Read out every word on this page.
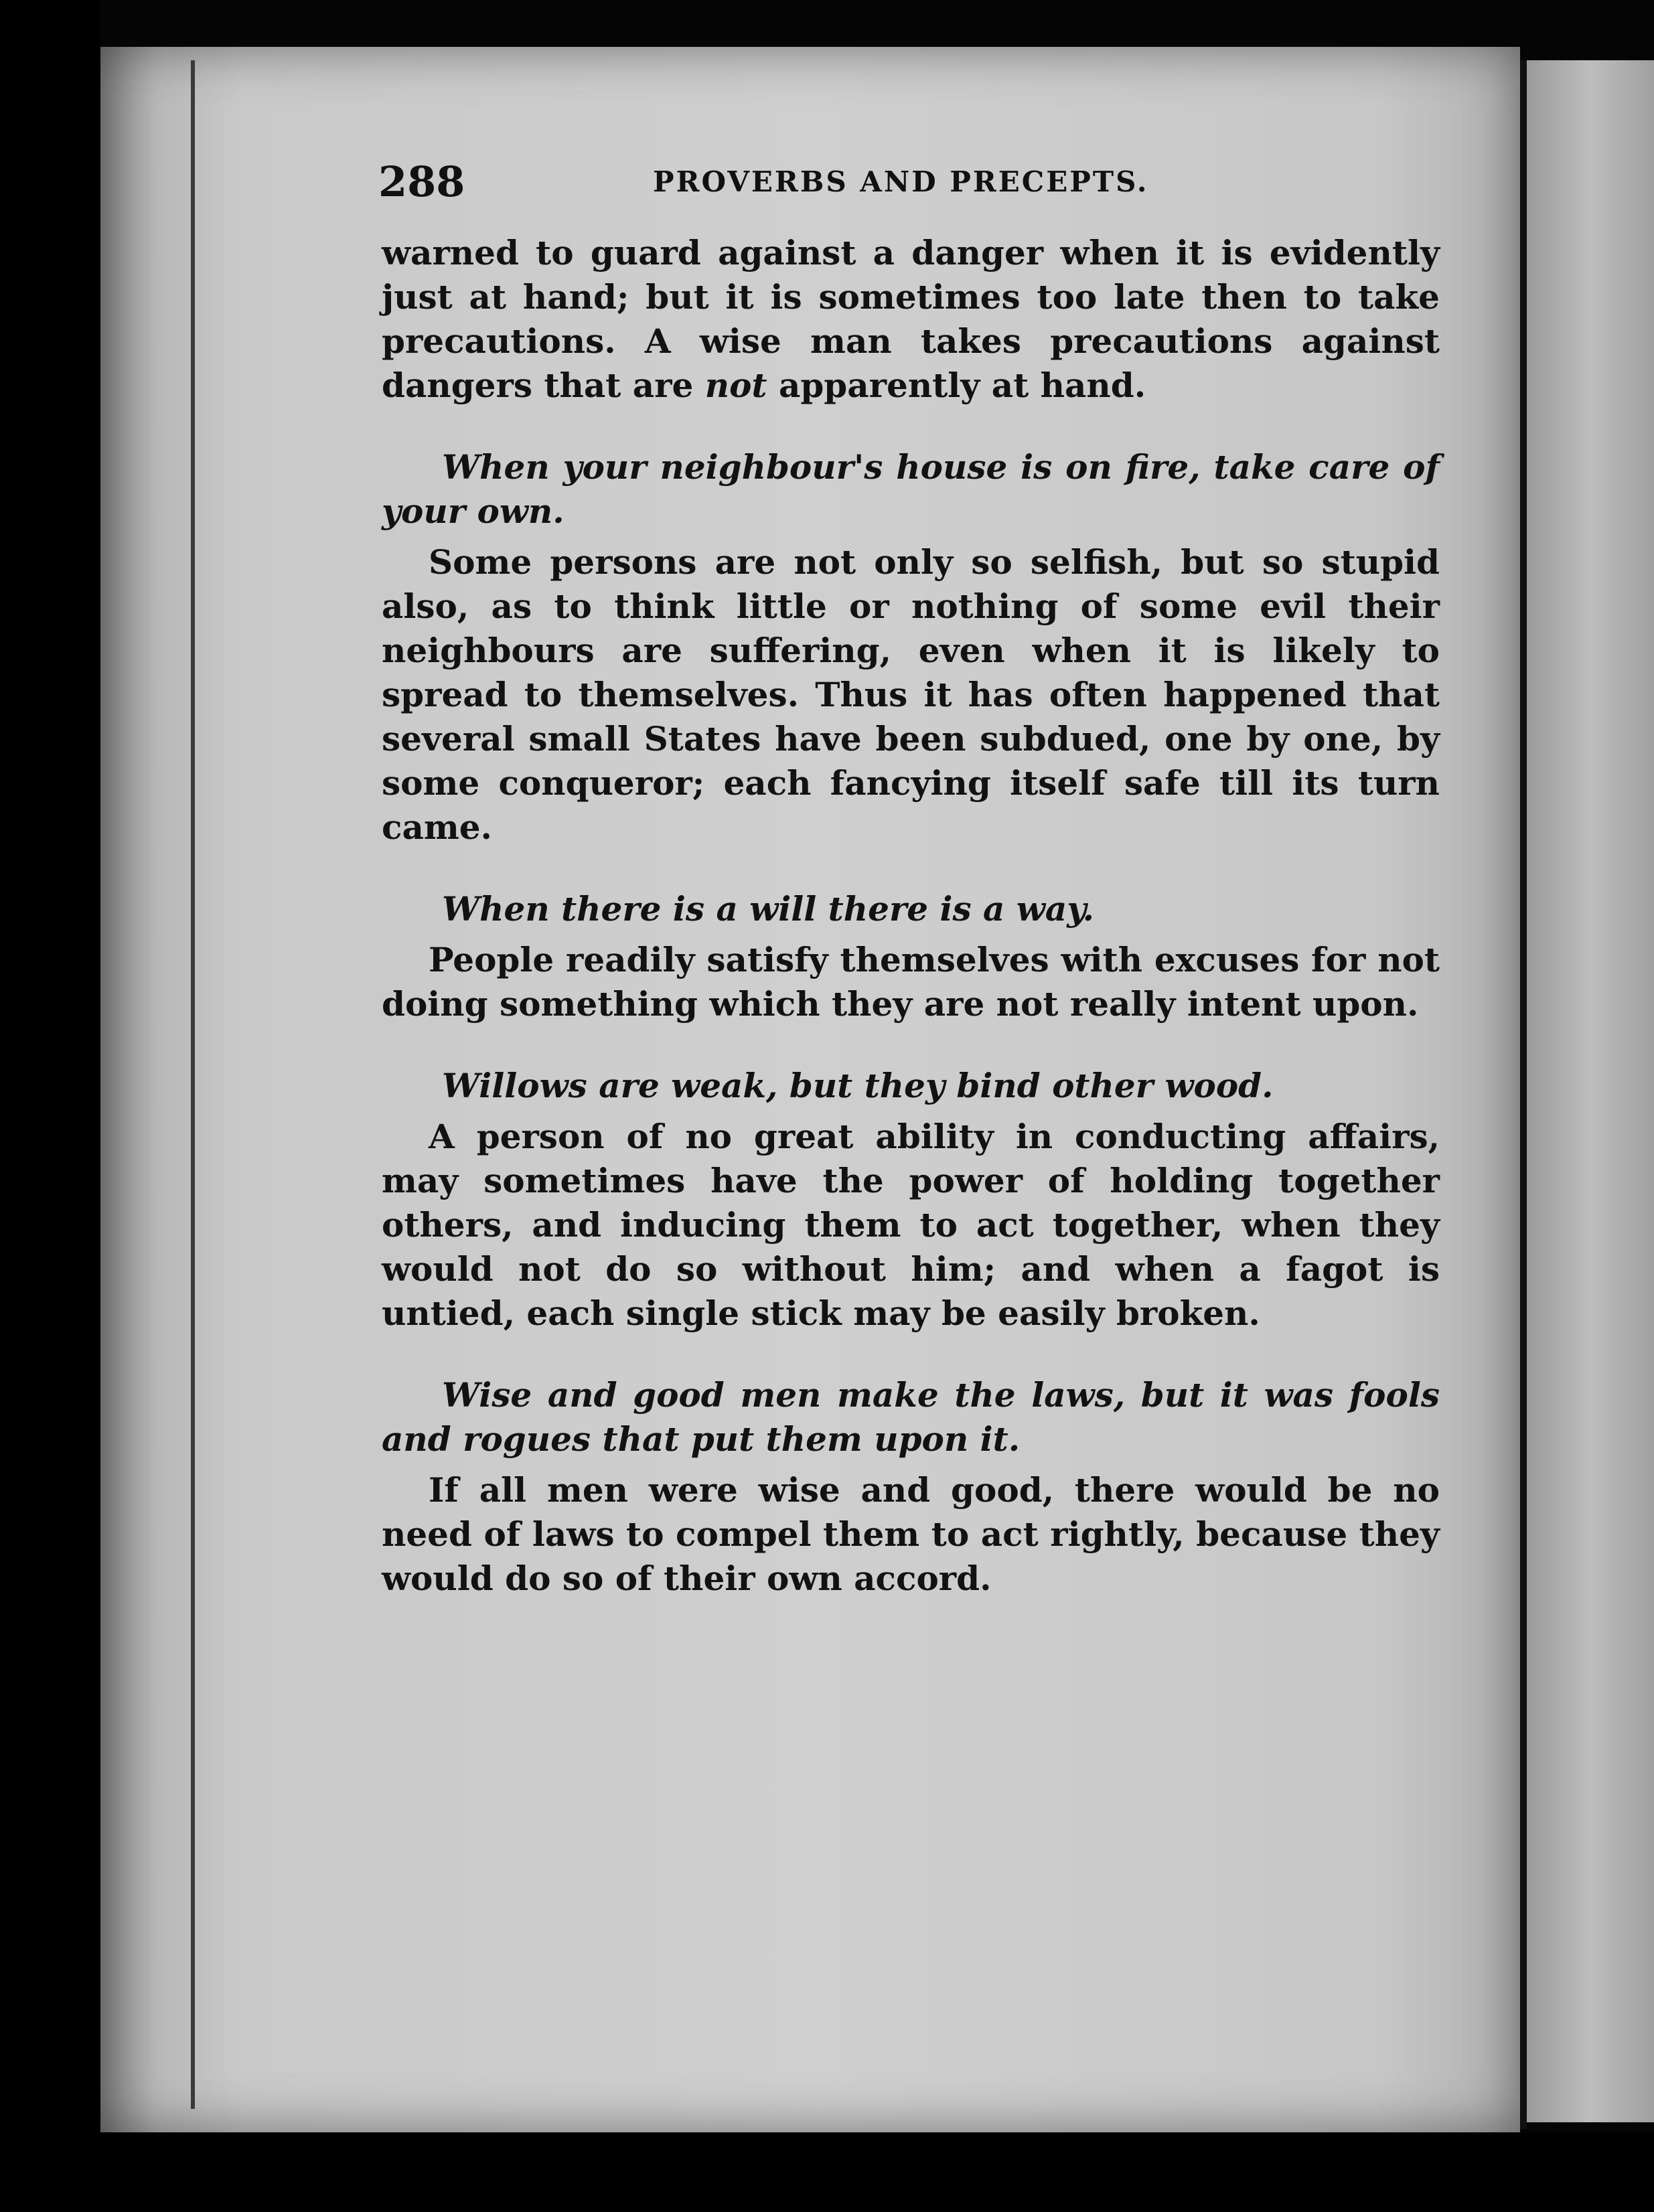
288	PROVERBS AND PRECEPTS.

warned to guard against a danger when it is evidently just at hand; but it is sometimes too late then to take precautions. A wise man takes precautions against dangers that are not apparently at hand.

When your neighbour's house is on fire, take care of your own.

Some persons are not only so selfish, but so stupid also, as to think little or nothing of some evil their neighbours are suffering, even when it is likely to spread to themselves. Thus it has often happened that several small States have been subdued, one by one, by some conqueror; each fancying itself safe till its turn came.

When there is a will there is a way.

People readily satisfy themselves with excuses for not doing something which they are not really intent upon.

Willows are weak, but they bind other wood.

A person of no great ability in conducting affairs, may sometimes have the power of holding together others, and inducing them to act together, when they would not do so without him; and when a fagot is untied, each single stick may be easily broken.

Wise and good men make the laws, but it was fools and rogues that put them upon it.

If all men were wise and good, there would be no need of laws to compel them to act rightly, because they would do so of their own accord.
